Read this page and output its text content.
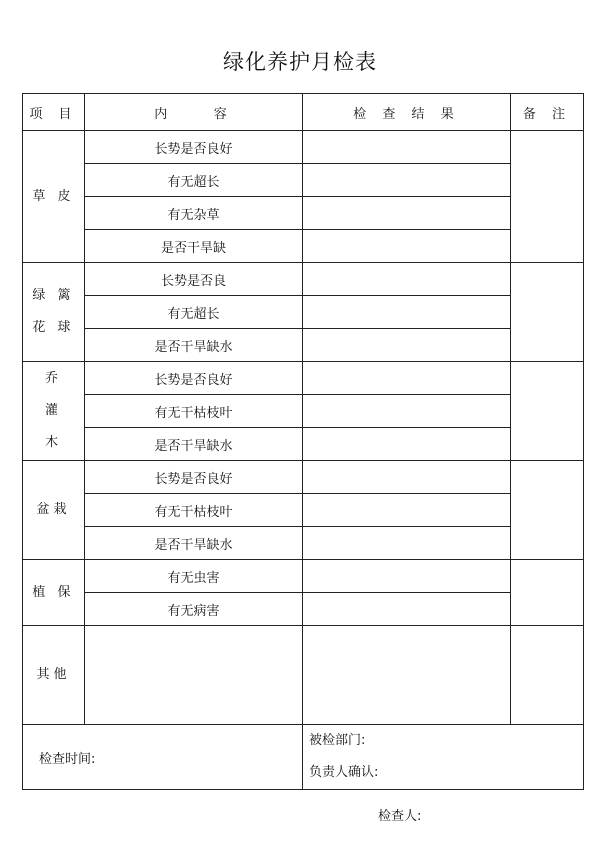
绿化养护月检表
项 目	内    容	检 查 结 果	备 注

草 皮	长势是否良好		
	有无超长		
	有无杂草		
	是否干旱缺		

绿 篱
花 球	长势是否良		
	有无超长		
	是否干旱缺水		

乔
灌
木	长势是否良好		
	有无干枯枝叶		
	是否干旱缺水		

盆栽	长势是否良好		
	有无干枯枝叶		
	是否干旱缺水		

植 保	有无虫害		
	有无病害		

其他			

检查时间:		被检部门:
负责人确认:	
检查人:
